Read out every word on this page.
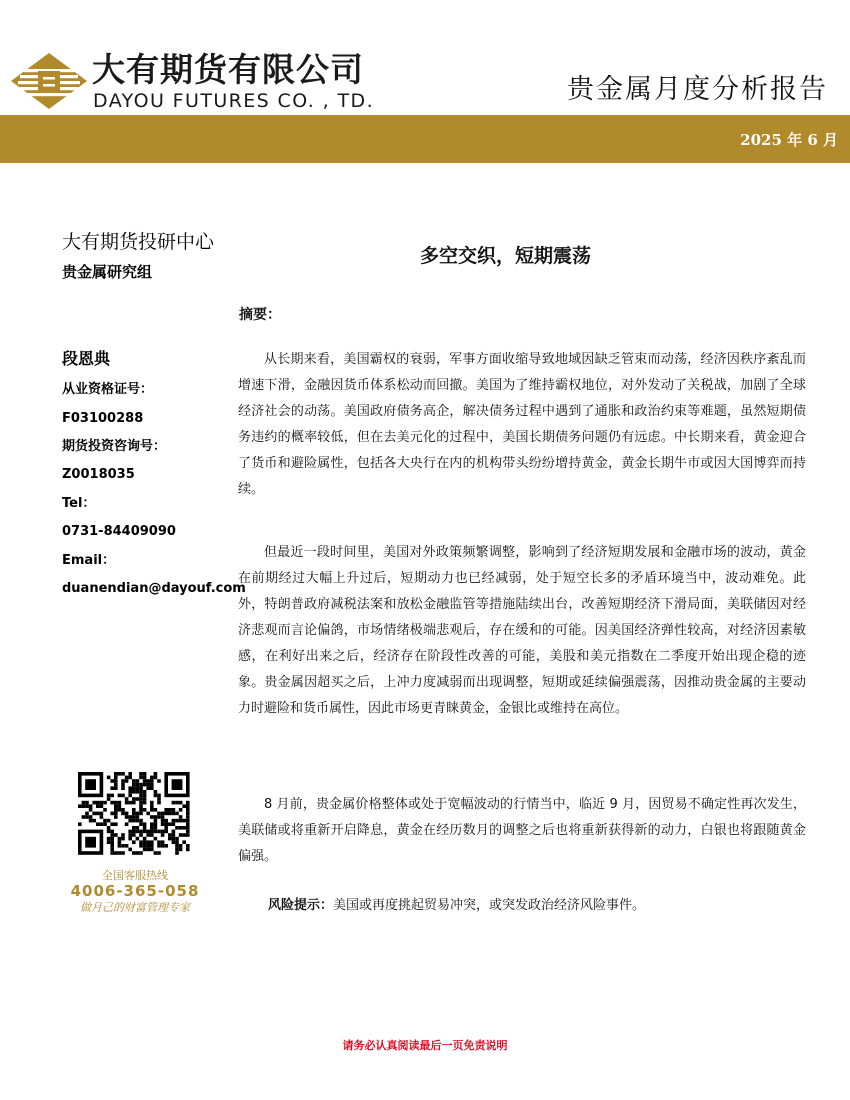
大有期货有限公司
DAYOU FUTURES CO. , TD.	贵金属月度分析报告
2025 年 6 月
大有期货投研中心
贵金属研究组
段恩典
从业资格证号：
F03100288
期货投资咨询号：
Z0018035
Tel：
0731-84409090
Email：
duanendian@dayouf.com
全国客服热线
4006-365-058
做月己的财富管理专家
多空交织，短期震荡
摘要：

从长期来看，美国霸权的衰弱，军事方面收缩导致地域因缺乏管束而动荡，经济因秩序紊乱而增速下滑，金融因货币体系松动而回撤。美国为了维持霸权地位，对外发动了关税战，加剧了全球经济社会的动荡。美国政府债务高企，解决债务过程中遇到了通胀和政治约束等难题，虽然短期债务违约的概率较低，但在去美元化的过程中，美国长期债务问题仍有远虑。中长期来看，黄金迎合了货币和避险属性，包括各大央行在内的机构带头纷纷增持黄金，黄金长期牛市或因大国博弈而持续。

但最近一段时间里，美国对外政策频繁调整，影响到了经济短期发展和金融市场的波动，黄金在前期经过大幅上升过后，短期动力也已经减弱，处于短空长多的矛盾环境当中，波动难免。此外，特朗普政府减税法案和放松金融监管等措施陆续出台，改善短期经济下滑局面，美联储因对经济悲观而言论偏鸽，市场情绪极端悲观后，存在缓和的可能。因美国经济弹性较高，对经济因素敏感，在利好出来之后，经济存在阶段性改善的可能，美股和美元指数在二季度开始出现企稳的迹象。贵金属因超买之后，上冲力度减弱而出现调整，短期或延续偏强震荡，因推动贵金属的主要动力时避险和货币属性，因此市场更青睐黄金，金银比或维持在高位。

8 月前，贵金属价格整体或处于宽幅波动的行情当中，临近 9 月，因贸易不确定性再次发生，美联储或将重新开启降息，黄金在经历数月的调整之后也将重新获得新的动力，白银也将跟随黄金偏强。

风险提示：美国或再度挑起贸易冲突，或突发政治经济风险事件。
请务必认真阅读最后一页免责说明
